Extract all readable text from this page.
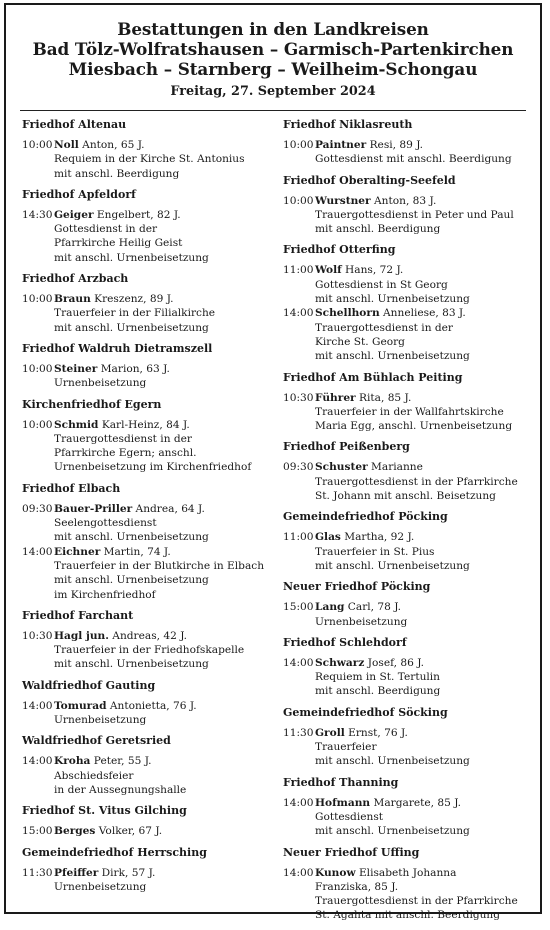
Bestattungen in den Landkreisen
Bad Tölz-Wolfratshausen – Garmisch-Partenkirchen
Miesbach – Starnberg – Weilheim-Schongau
Freitag, 27. September 2024
Friedhof Altenau
10:00 Noll Anton, 65 J.
Requiem in der Kirche St. Antonius
mit anschl. Beerdigung
Friedhof Apfeldorf
14:30 Geiger Engelbert, 82 J.
Gottesdienst in der
Pfarrkirche Heilig Geist
mit anschl. Urnenbeisetzung
Friedhof Arzbach
10:00 Braun Kreszenz, 89 J.
Trauerfeier in der Filialkirche
mit anschl. Urnenbeisetzung
Friedhof Waldruh Dietramszell
10:00 Steiner Marion, 63 J.
Urnenbeisetzung
Kirchenfriedhof Egern
10:00 Schmid Karl-Heinz, 84 J.
Trauergottesdienst in der
Pfarrkirche Egern; anschl.
Urnenbeisetzung im Kirchenfriedhof
Friedhof Elbach
09:30 Bauer-Priller Andrea, 64 J.
Seelengottesdienst
mit anschl. Urnenbeisetzung
14:00 Eichner Martin, 74 J.
Trauerfeier in der Blutkirche in Elbach
mit anschl. Urnenbeisetzung
im Kirchenfriedhof
Friedhof Farchant
10:30 Hagl jun. Andreas, 42 J.
Trauerfeier in der Friedhofskapelle
mit anschl. Urnenbeisetzung
Waldfriedhof Gauting
14:00 Tomurad Antonietta, 76 J.
Urnenbeisetzung
Waldfriedhof Geretsried
14:00 Kroha Peter, 55 J.
Abschiedsfeier
in der Aussegnungshalle
Friedhof St. Vitus Gilching
15:00 Berges Volker, 67 J.
Gemeindefriedhof Herrsching
11:30 Pfeiffer Dirk, 57 J.
Urnenbeisetzung
Friedhof Niklasreuth
10:00 Paintner Resi, 89 J.
Gottesdienst mit anschl. Beerdigung
Friedhof Oberalting-Seefeld
10:00 Wurstner Anton, 83 J.
Trauergottesdienst in Peter und Paul
mit anschl. Beerdigung
Friedhof Otterfing
11:00 Wolf Hans, 72 J.
Gottesdienst in St Georg
mit anschl. Urnenbeisetzung
14:00 Schellhorn Anneliese, 83 J.
Trauergottesdienst in der
Kirche St. Georg
mit anschl. Urnenbeisetzung
Friedhof Am Bühlach Peiting
10:30 Führer Rita, 85 J.
Trauerfeier in der Wallfahrtskirche
Maria Egg, anschl. Urnenbeisetzung
Friedhof Peißenberg
09:30 Schuster Marianne
Trauergottesdienst in der Pfarrkirche
St. Johann mit anschl. Beisetzung
Gemeindefriedhof Pöcking
11:00 Glas Martha, 92 J.
Trauerfeier in St. Pius
mit anschl. Urnenbeisetzung
Neuer Friedhof Pöcking
15:00 Lang Carl, 78 J.
Urnenbeisetzung
Friedhof Schlehdorf
14:00 Schwarz Josef, 86 J.
Requiem in St. Tertulin
mit anschl. Beerdigung
Gemeindefriedhof Söcking
11:30 Groll Ernst, 76 J.
Trauerfeier
mit anschl. Urnenbeisetzung
Friedhof Thanning
14:00 Hofmann Margarete, 85 J.
Gottesdienst
mit anschl. Urnenbeisetzung
Neuer Friedhof Uffing
14:00 Kunow Elisabeth Johanna
Franziska, 85 J.
Trauergottesdienst in der Pfarrkirche
St. Agahta mit anschl. Beerdigung
